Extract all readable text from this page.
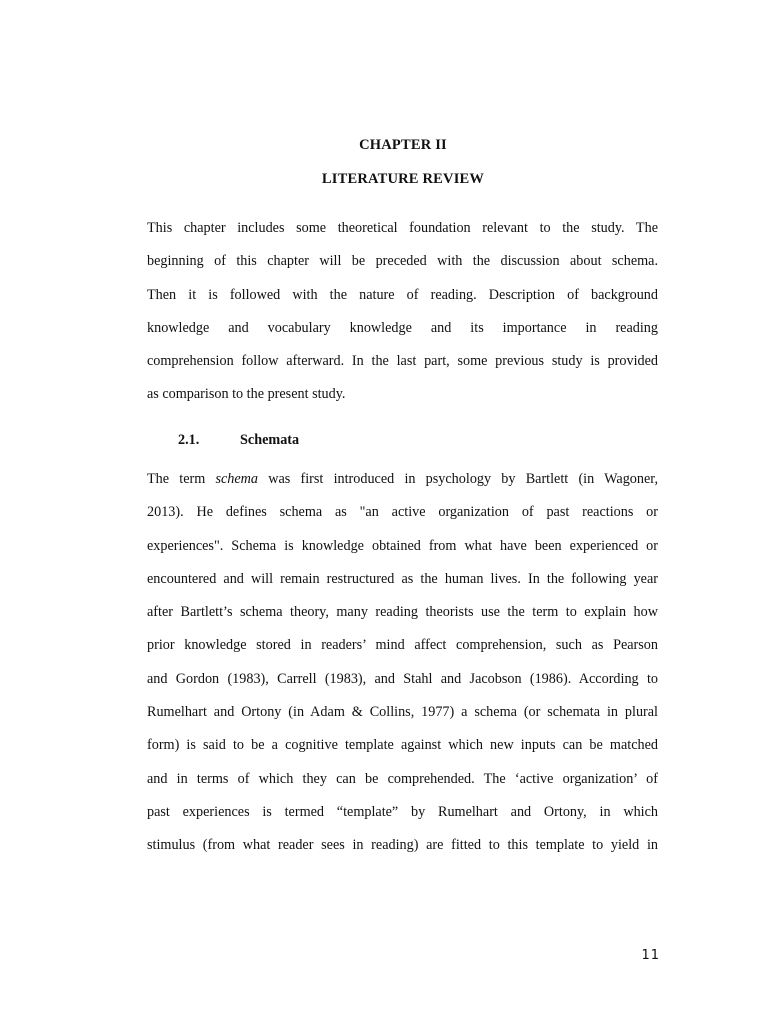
CHAPTER II
LITERATURE REVIEW
This chapter includes some theoretical foundation relevant to the study. The
beginning of this chapter will be preceded with the discussion about schema.
Then it is followed with the nature of reading. Description of background
knowledge and vocabulary knowledge and its importance in reading
comprehension follow afterward. In the last part, some previous study is provided
as comparison to the present study.
2.1.	Schemata
The term schema was first introduced in psychology by Bartlett (in Wagoner,
2013). He defines schema as "an active organization of past reactions or
experiences". Schema is knowledge obtained from what have been experienced or
encountered and will remain restructured as the human lives. In the following year
after Bartlett’s schema theory, many reading theorists use the term to explain how
prior knowledge stored in readers’ mind affect comprehension, such as Pearson
and Gordon (1983), Carrell (1983), and Stahl and Jacobson (1986). According to
Rumelhart and Ortony (in Adam & Collins, 1977) a schema (or schemata in plural
form) is said to be a cognitive template against which new inputs can be matched
and in terms of which they can be comprehended. The ‘active organization’ of
past experiences is termed “template” by Rumelhart and Ortony, in which
stimulus (from what reader sees in reading) are fitted to this template to yield in
11
